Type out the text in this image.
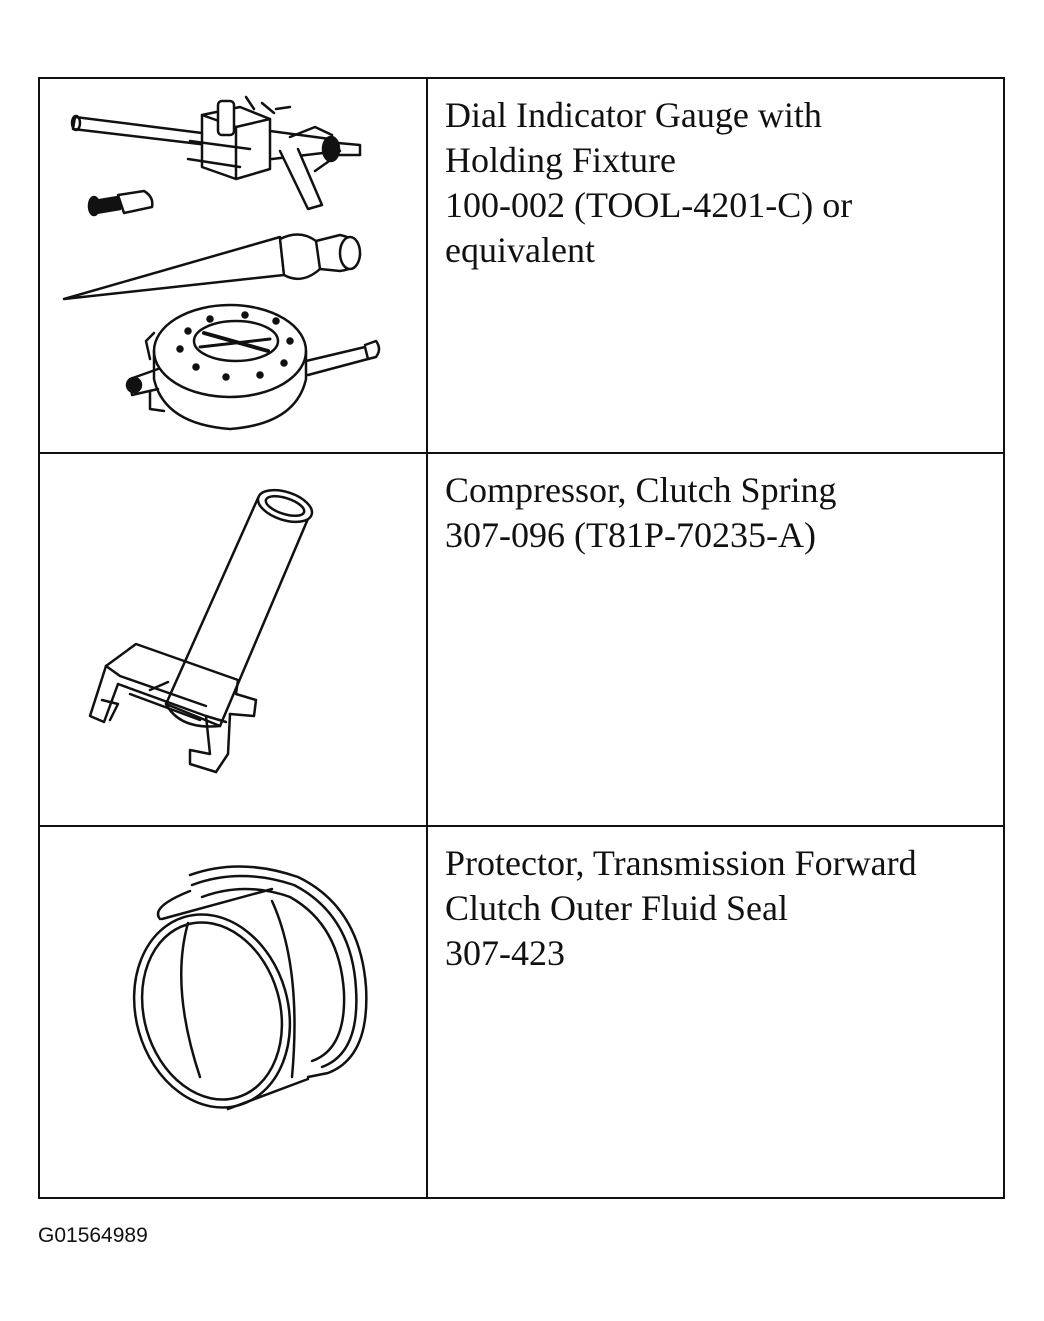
Dial Indicator Gauge with
Holding Fixture
100-002 (TOOL-4201-C) or
equivalent
Compressor, Clutch Spring
307-096 (T81P-70235-A)
Protector, Transmission Forward
Clutch Outer Fluid Seal
307-423
G01564989
